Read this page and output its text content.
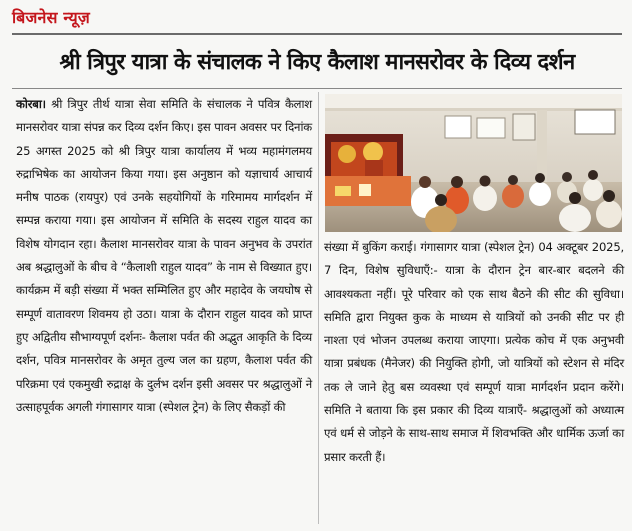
बिजनेस न्यूज़
श्री त्रिपुर यात्रा के संचालक ने किए कैलाश मानसरोवर के दिव्य दर्शन
कोरबा। श्री त्रिपुर तीर्थ यात्रा सेवा समिति के संचालक ने पवित्र कैलाश मानसरोवर यात्रा संपन्न कर दिव्य दर्शन किए। इस पावन अवसर पर दिनांक 25 अगस्त 2025 को श्री त्रिपुर यात्रा कार्यालय में भव्य महामंगलमय रुद्राभिषेक का आयोजन किया गया। इस अनुष्ठान को यज्ञाचार्य आचार्य मनीष पाठक (रायपुर) एवं उनके सहयोगियों के गरिमामय मार्गदर्शन में सम्पन्न कराया गया। इस आयोजन में समिति के सदस्य राहुल यादव का विशेष योगदान रहा। कैलाश मानसरोवर यात्रा के पावन अनुभव के उपरांत अब श्रद्धालुओं के बीच वे “कैलाशी राहुल यादव” के नाम से विख्यात हुए। कार्यक्रम में बड़ी संख्या में भक्त सम्मिलित हुए और महादेव के जयघोष से सम्पूर्ण वातावरण शिवमय हो उठा। यात्रा के दौरान राहुल यादव को प्राप्त हुए अद्वितीय सौभाग्यपूर्ण दर्शनः- कैलाश पर्वत की अद्भुत आकृति के दिव्य दर्शन, पवित्र मानसरोवर के अमृत तुल्य जल का ग्रहण, कैलाश पर्वत की परिक्रमा एवं एकमुखी रुद्राक्ष के दुर्लभ दर्शन इसी अवसर पर श्रद्धालुओं ने उत्साहपूर्वक अगली गंगासागर यात्रा (स्पेशल ट्रेन) के लिए सैकड़ों की
संख्या में बुकिंग कराई। गंगासागर यात्रा (स्पेशल ट्रेन) 04 अक्टूबर 2025, 7 दिन, विशेष सुविधाएँ:- यात्रा के दौरान ट्रेन बार-बार बदलने की आवश्यकता नहीं। पूरे परिवार को एक साथ बैठने की सीट की सुविधा। समिति द्वारा नियुक्त कुक के माध्यम से यात्रियों को उनकी सीट पर ही नाश्ता एवं भोजन उपलब्ध कराया जाएगा। प्रत्येक कोच में एक अनुभवी यात्रा प्रबंधक (मैनेजर) की नियुक्ति होगी, जो यात्रियों को स्टेशन से मंदिर तक ले जाने हेतु बस व्यवस्था एवं सम्पूर्ण यात्रा मार्गदर्शन प्रदान करेंगे। समिति ने बताया कि इस प्रकार की दिव्य यात्राएँ- श्रद्धालुओं को अध्यात्म एवं धर्म से जोड़ने के साथ-साथ समाज में शिवभक्ति और धार्मिक ऊर्जा का प्रसार करती हैं।
